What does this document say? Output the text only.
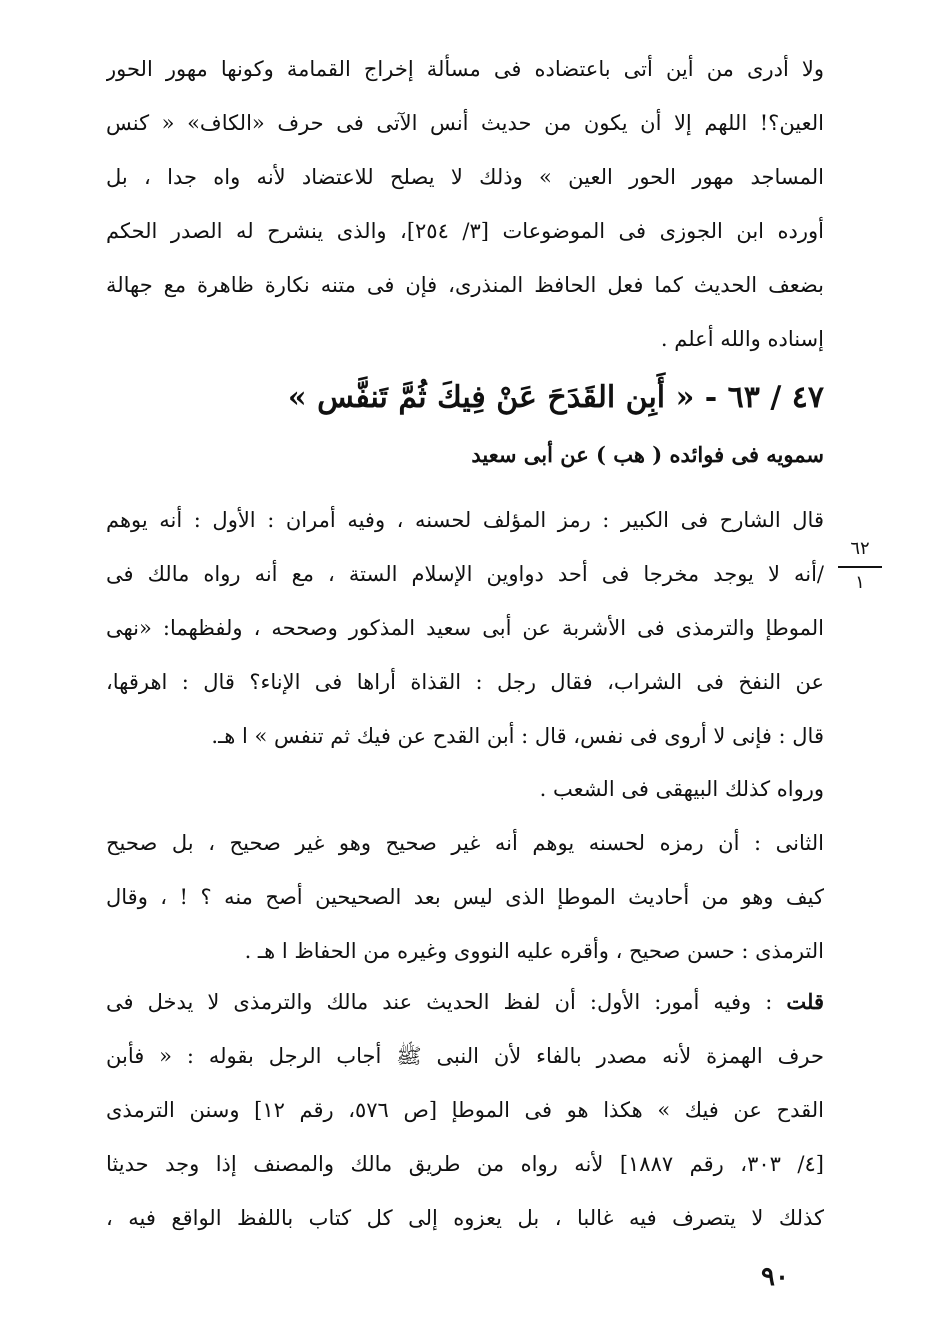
ولا أدرى من أين أتى باعتضاده فى مسألة إخراج القمامة وكونها مهور الحور
العين؟! اللهم إلا أن يكون من حديث أنس الآتى فى حرف «الكاف» « كنس
المساجد مهور الحور العين » وذلك لا يصلح للاعتضاد لأنه واه جدا ، بل
أورده ابن الجوزى فى الموضوعات [٣/ ٢٥٤]، والذى ينشرح له الصدر الحكم
بضعف الحديث كما فعل الحافظ المنذرى، فإن فى متنه نكارة ظاهرة مع جهالة
إسناده والله أعلم .
٤٧ / ٦٣ - « أَبِن القَدَحَ عَنْ فِيكَ ثُمَّ تَنفَّس »
سمويه فى فوائده ( هب ) عن أبى سعيد
قال الشارح فى الكبير : رمز المؤلف لحسنه ، وفيه أمران : الأول : أنه يوهم
/أنه لا يوجد مخرجا فى أحد دواوين الإسلام الستة ، مع أنه رواه مالك فى
الموطإ والترمذى فى الأشربة عن أبى سعيد المذكور وصححه ، ولفظهما: «نهى
عن النفخ فى الشراب، فقال رجل : القذاة أراها فى الإناء؟ قال : اهرقها،
قال : فإنى لا أروى فى نفس، قال : أبن القدح عن فيك ثم تنفس » ا هـ.
ورواه كذلك البيهقى فى الشعب .
الثانى : أن رمزه لحسنه يوهم أنه غير صحيح وهو غير صحيح ، بل صحيح
كيف وهو من أحاديث الموطإ الذى ليس بعد الصحيحين أصح منه ؟ ! ، وقال
الترمذى : حسن صحيح ، وأقره عليه النووى وغيره من الحفاظ ا هـ .
قلت : وفيه أمور: الأول: أن لفظ الحديث عند مالك والترمذى لا يدخل فى
حرف الهمزة لأنه مصدر بالفاء لأن النبى ﷺ أجاب الرجل بقوله : « فأبن
القدح عن فيك » هكذا هو فى الموطإ [ص ٥٧٦، رقم ١٢] وسنن الترمذى
[٤/ ٣٠٣، رقم ١٨٨٧] لأنه رواه من طريق مالك والمصنف إذا وجد حديثا
كذلك لا يتصرف فيه غالبا ، بل يعزوه إلى كل كتاب باللفظ الواقع فيه ،
٦٢
١
٩٠
